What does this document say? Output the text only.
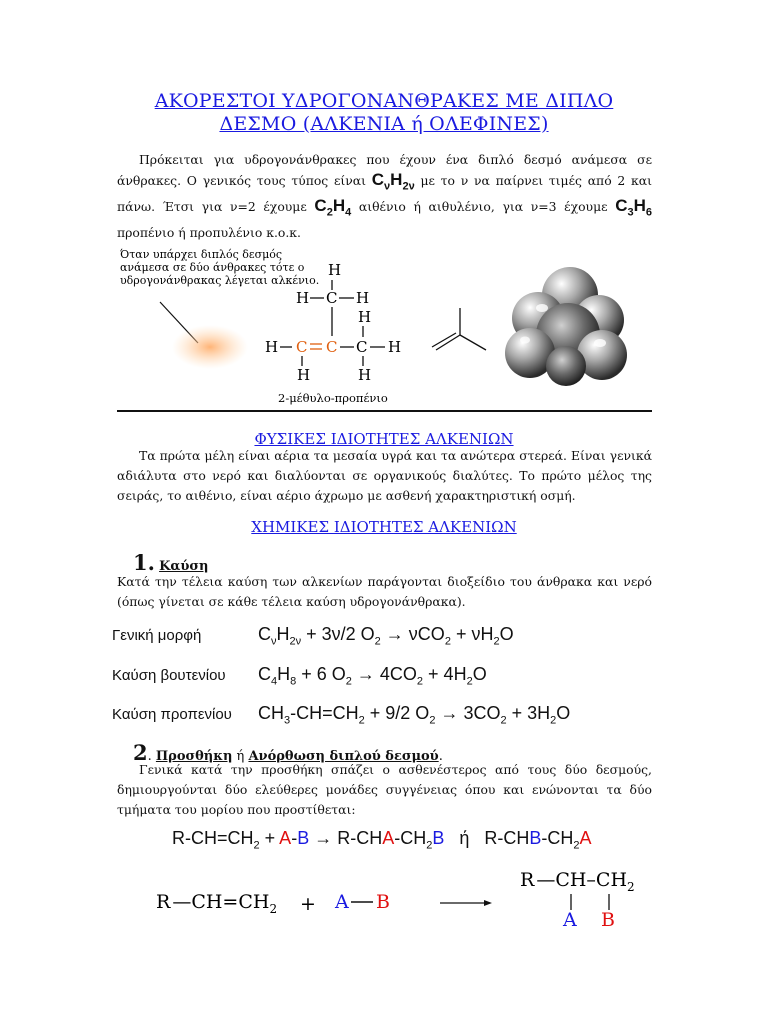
ΑΚΟΡΕΣΤΟΙ ΥΔΡΟΓΟΝΑΝΘΡΑΚΕΣ ΜΕ ΔΙΠΛΟ
ΔΕΣΜΟ (ΑΛΚΕΝΙΑ ή ΟΛΕΦΙΝΕΣ)
Πρόκειται για υδρογονάνθρακες που έχουν ένα διπλό δεσμό ανάμεσα σε άνθρακες. Ο γενικός τους τύπος είναι $C_\nu H_{2\nu}$ με το ν να παίρνει τιμές από 2 και πάνω. Έτσι για ν=2 έχουμε $C_2H_4$ αιθένιο ή αιθυλένιο, για ν=3 έχουμε $C_3H_6$ προπένιο ή προπυλένιο κ.ο.κ.
Όταν υπάρχει διπλός δεσμός
ανάμεσα σε δύο άνθρακες τότε ο
υδρογονάνθρακας λέγεται αλκένιο.
H
H C H
H
H C C C H
H	H
2-μέθυλο-προπένιο
ΦΥΣΙΚΕΣ ΙΔΙΟΤΗΤΕΣ ΑΛΚΕΝΙΩΝ
Τα πρώτα μέλη είναι αέρια τα μεσαία υγρά και τα ανώτερα στερεά. Είναι γενικά αδιάλυτα στο νερό και διαλύονται σε οργανικούς διαλύτες. Το πρώτο μέλος της σειράς, το αιθένιο, είναι αέριο άχρωμο με ασθενή χαρακτηριστική οσμή.
ΧΗΜΙΚΕΣ ΙΔΙΟΤΗΤΕΣ ΑΛΚΕΝΙΩΝ
1. Καύση
Κατά την τέλεια καύση των αλκενίων παράγονται διοξείδιο του άνθρακα και νερό (όπως γίνεται σε κάθε τέλεια καύση υδρογονάνθρακα).
Γενική μορφή	$C_\nu H_{2\nu} + 3\nu/2$ $O_2 \to \nu CO_2 + \nu H_2O$
Καύση βουτενίου $C_4H_8 + 6$ $O_2 \to 4CO_2 + 4H_2O$
Καύση προπενίου $CH_3-CH=CH_2 + 9/2$ $O_2 \to 3CO_2 + 3H_2O$
2. Προσθήκη ή Ανόρθωση διπλού δεσμού.
Γενικά κατά την προσθήκη σπάζει ο ασθενέστερος από τους δύο δεσμούς, δημιουργούνται δύο ελεύθερες μονάδες συγγένειας όπου και ενώνονται τα δύο τμήματα του μορίου που προστίθεται:
$R-CH=CH_2 + A-B \to R-CHA-CH_2B$ ή   $R-CHB-CH_2A$
R $—CH=CH_2 + A$ B
R $—CH-CH_2$
A B
